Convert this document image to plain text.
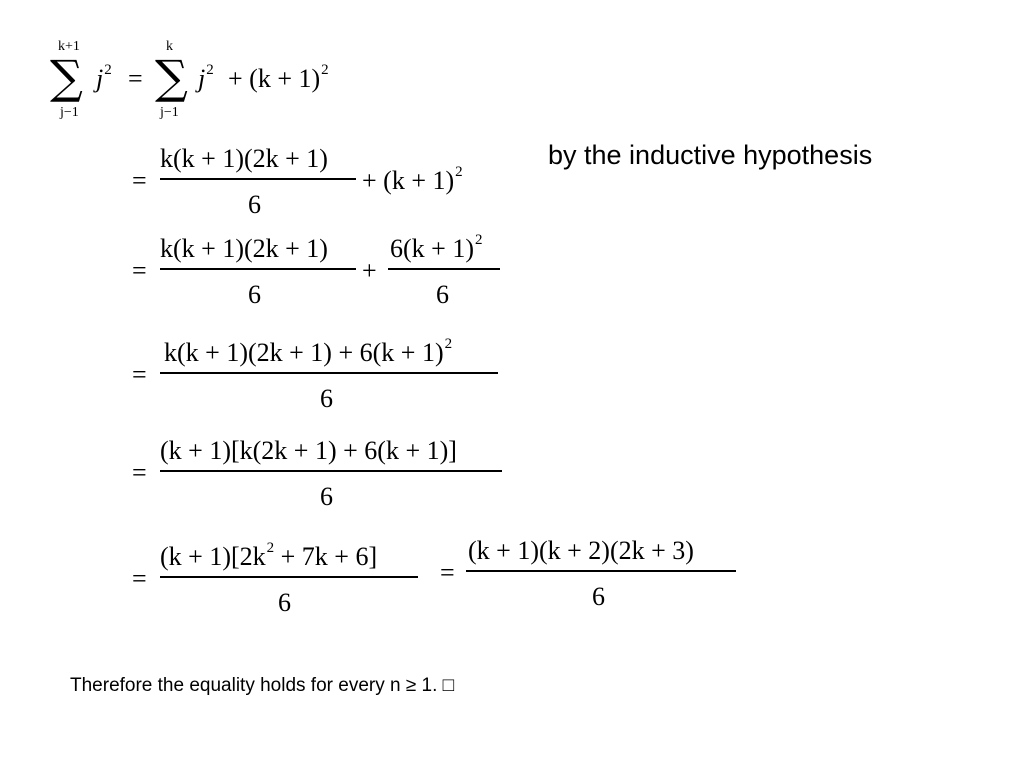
k+1
∑
j−1
$j^2$ =
k
∑
j−1
$j^2 + (k + 1)^2$
=
k(k + 1)(2k + 1)
6
+ $(k + 1)^2$
by the inductive hypothesis
=
k(k + 1)(2k + 1)
6
+
$6(k + 1)^2$
6
=
$k(k + 1)(2k + 1) + 6(k + 1)^2$
6
=
(k + 1)[k(2k + 1) + 6(k + 1)]
6
=
$(k + 1)[2k^2 + 7k + 6]$
6
=
(k + 1)(k + 2)(2k + 3)
6
Therefore the equality holds for every n ≥ 1. □
